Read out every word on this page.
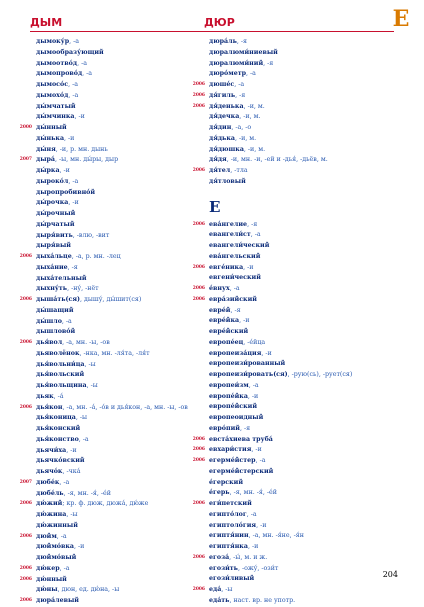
ДЫМ	ДЮР	Е
дымоку́р, -а
дымообразу́ющий
дымоотво́д, -а
дымопрово́д, -а
дымосо́с, -а
дымохо́д, -а
ды́мчатый
ды́мчинка, -и
2000 ды́нный
ды́нька, -и
ды́ня, -и, р. мн. дынь
2007 дыра́, -ы, мн. ды́ры, дыр
ды́рка, -и
дыроко́л, -а
дыропробивно́й
ды́рочка, -и
ды́рочный
ды́рчатый
дыря́вить, -влю, -вит
дыря́вый
2006 дыха́льце, -а, р. мн. -лец
дыха́ние, -я
дыха́тельный
дыхну́ть, -ну́, -нёт
2006 дыша́ть(ся), дышу́, ды́шит(ся)
ды́шащий
ды́шло, -а
дышлово́й
2006 дья́вол, -а, мн. -ы, -ов
дьяволёнок, -нка, мн. -ля́та, -ля́т
дья́вольни́ца, -ы
дья́вольский
дья́вольщина, -ы
дьяк, -а́
2006 дья́кон, -а, мн. -а́, -о́в и дья́кон, -а, мн. -ы, -ов
дья́коница, -ы
дья́конский
дья́конство, -а
дьячи́ха, -и
дьячко́вский
дьячо́к, -чка́
2007 дюбе́к, -а
дюбе́ль, -я, мн. -я́, -е́й
2006 дю́жий; кр. ф. дюж, дюжа́, дю́же
дю́жина, -ы
дю́жинный
2006 дюйм, -а
дюймо́вка, -и
дюймо́вый
2006 дю́кер, -а
2006 дю́нный
дю́ны, дюн, ед. дю́на, -ы
2006 дюра́левый
дюра́ль, -я
дюралюми́ниевый
дюралюми́ний, -я
дюро́метр, -а
2006 дюше́с, -а
2006 дя́гиль, -я
2006 дя́денька, -и, м.
дя́дечка, -и, м.
дя́дин, -а, -о
дя́дька, -и, м.
дя́дюшка, -и, м.
дя́дя, -и, мн. -и, -ей и -дья́, -дьёв, м.
2006 дя́тел, -тла
дя́тловый
Е
2006 ева́нгелие, -я
евангели́ст, -а
евангели́ческий
ева́нгельский
2006 евге́ника, -и
евгени́ческий
2006 е́внух, -а
2006 евра́зийский
евре́й, -я
евре́йка, -и
евре́йский
европе́ец, -е́йца
европеиза́ция, -и
европеизи́рованный
европеизи́ровать(ся), -рую(сь), -рует(ся)
европеи́зм, -а
европе́йка, -и
европе́йский
европеоидный
евро́пий, -я
2006 евста́хиева труба́
2006 евхари́стия, -и
2006 егерме́йстер, -а
егерме́йстерский
е́герский
е́герь, -я, мн. -я́, -е́й
2006 еги́петский
египто́лог, -а
египтоло́гия, -и
египтя́нин, -а, мн. -я́не, -я́н
египтя́нка, -и
2006 егоза́, -ы́, м. и ж.
егози́ть, -ожу́, -ози́т
егози́ливый
2006 еда́, -ы
еда́ть, наст. вр. не употр.
204
